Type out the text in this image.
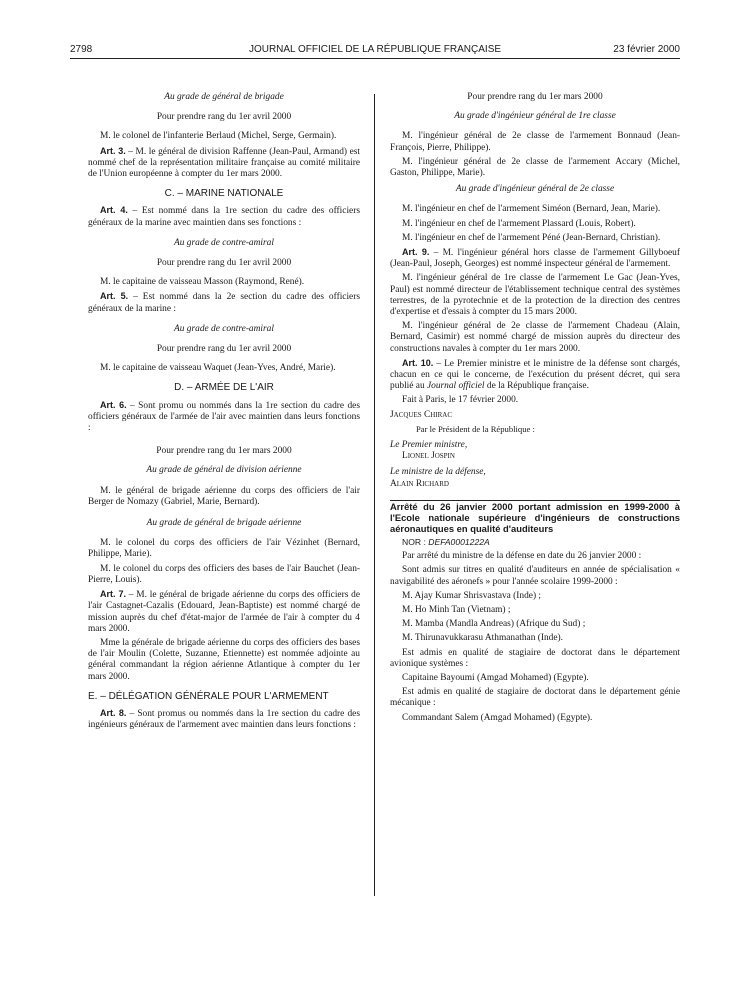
2798	JOURNAL OFFICIEL DE LA RÉPUBLIQUE FRANÇAISE	23 février 2000

Au grade de général de brigade

Pour prendre rang du 1er avril 2000

M. le colonel de l'infanterie Berlaud (Michel, Serge, Germain).

Art. 3. – M. le général de division Raffenne (Jean-Paul, Armand) est nommé chef de la représentation militaire française au comité militaire de l'Union européenne à compter du 1er mars 2000.

C. – MARINE NATIONALE

Art. 4. – Est nommé dans la 1re section du cadre des officiers généraux de la marine avec maintien dans ses fonctions :

Au grade de contre-amiral

Pour prendre rang du 1er avril 2000

M. le capitaine de vaisseau Masson (Raymond, René).

Art. 5. – Est nommé dans la 2e section du cadre des officiers généraux de la marine :

Au grade de contre-amiral

Pour prendre rang du 1er avril 2000

M. le capitaine de vaisseau Waquet (Jean-Yves, André, Marie).

D. – ARMÉE DE L'AIR

Art. 6. – Sont promu ou nommés dans la 1re section du cadre des officiers généraux de l'armée de l'air avec maintien dans leurs fonctions :

Pour prendre rang du 1er mars 2000

Au grade de général de division aérienne

M. le général de brigade aérienne du corps des officiers de l'air Berger de Nomazy (Gabriel, Marie, Bernard).

Au grade de général de brigade aérienne

M. le colonel du corps des officiers de l'air Vézinhet (Bernard, Philippe, Marie).

M. le colonel du corps des officiers des bases de l'air Bauchet (Jean-Pierre, Louis).

Art. 7. – M. le général de brigade aérienne du corps des officiers de l'air Castagnet-Cazalis (Edouard, Jean-Baptiste) est nommé chargé de mission auprès du chef d'état-major de l'armée de l'air à compter du 4 mars 2000.

Mme la générale de brigade aérienne du corps des officiers des bases de l'air Moulin (Colette, Suzanne, Etiennette) est nommée adjointe au général commandant la région aérienne Atlantique à compter du 1er mars 2000.

E. – DÉLÉGATION GÉNÉRALE POUR L'ARMEMENT

Art. 8. – Sont promus ou nommés dans la 1re section du cadre des ingénieurs généraux de l'armement avec maintien dans leurs fonctions :

Pour prendre rang du 1er mars 2000

Au grade d'ingénieur général de 1re classe

M. l'ingénieur général de 2e classe de l'armement Bonnaud (Jean-François, Pierre, Philippe).

M. l'ingénieur général de 2e classe de l'armement Accary (Michel, Gaston, Philippe, Marie).

Au grade d'ingénieur général de 2e classe

M. l'ingénieur en chef de l'armement Siméon (Bernard, Jean, Marie).

M. l'ingénieur en chef de l'armement Plassard (Louis, Robert).

M. l'ingénieur en chef de l'armement Péné (Jean-Bernard, Christian).

Art. 9. – M. l'ingénieur général hors classe de l'armement Gillyboeuf (Jean-Paul, Joseph, Georges) est nommé inspecteur général de l'armement.

M. l'ingénieur général de 1re classe de l'armement Le Gac (Jean-Yves, Paul) est nommé directeur de l'établissement technique central des systèmes terrestres, de la pyrotechnie et de la protection de la direction des centres d'expertise et d'essais à compter du 15 mars 2000.

M. l'ingénieur général de 2e classe de l'armement Chadeau (Alain, Bernard, Casimir) est nommé chargé de mission auprès du directeur des constructions navales à compter du 1er mars 2000.

Art. 10. – Le Premier ministre et le ministre de la défense sont chargés, chacun en ce qui le concerne, de l'exécution du présent décret, qui sera publié au Journal officiel de la République française.

Fait à Paris, le 17 février 2000.

Jacques Chirac

Par le Président de la République :

Le Premier ministre,

Lionel Jospin

Le ministre de la défense,

Alain Richard

Arrêté du 26 janvier 2000 portant admission en 1999-2000 à l'Ecole nationale supérieure d'ingénieurs de constructions aéronautiques en qualité d'auditeurs

NOR : DEFA0001222A

Par arrêté du ministre de la défense en date du 26 janvier 2000 :

Sont admis sur titres en qualité d'auditeurs en année de spécialisation « navigabilité des aéronefs » pour l'année scolaire 1999-2000 :

M. Ajay Kumar Shrisvastava (Inde) ;

M. Ho Minh Tan (Vietnam) ;

M. Mamba (Mandla Andreas) (Afrique du Sud) ;

M. Thirunavukkarasu Athmanathan (Inde).

Est admis en qualité de stagiaire de doctorat dans le département avionique systèmes :

Capitaine Bayoumi (Amgad Mohamed) (Egypte).

Est admis en qualité de stagiaire de doctorat dans le département génie mécanique :

Commandant Salem (Amgad Mohamed) (Egypte).
